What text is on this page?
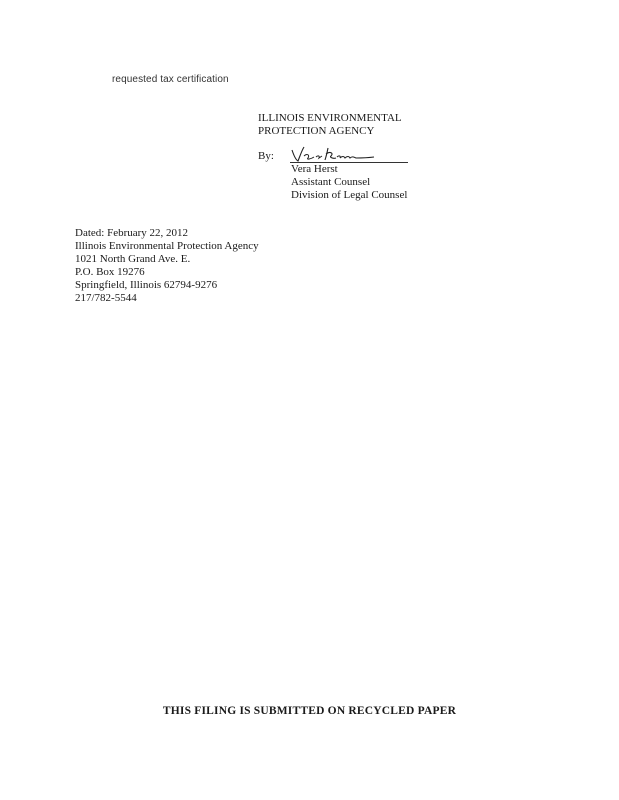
requested tax certification
ILLINOIS ENVIRONMENTAL
PROTECTION AGENCY
By:
Vera Herst
Assistant Counsel
Division of Legal Counsel
Dated: February 22, 2012
Illinois Environmental Protection Agency
1021 North Grand Ave. E.
P.O. Box 19276
Springfield, Illinois 62794-9276
217/782-5544
THIS FILING IS SUBMITTED ON RECYCLED PAPER
